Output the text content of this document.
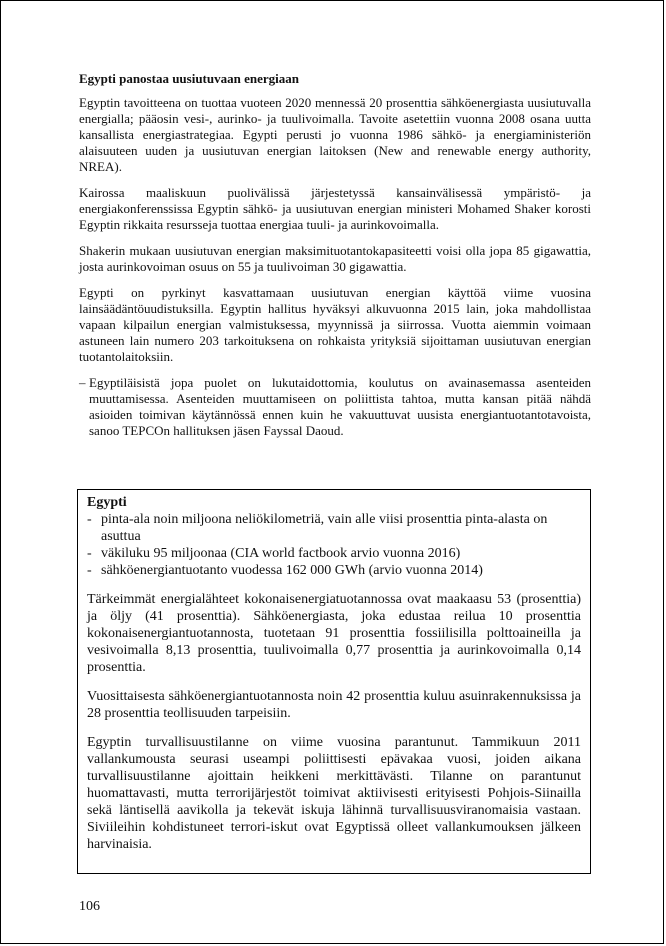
Egypti panostaa uusiutuvaan energiaan

Egyptin tavoitteena on tuottaa vuoteen 2020 mennessä 20 prosenttia sähköenergiasta uusiutuvalla energialla; pääosin vesi-, aurinko- ja tuulivoimalla. Tavoite asetettiin vuonna 2008 osana uutta kansallista energiastrategiaa. Egypti perusti jo vuonna 1986 sähkö- ja energiaministeriön alaisuuteen uuden ja uusiutuvan energian laitoksen (New and renewable energy authority, NREA).

Kairossa maaliskuun puolivälissä järjestetyssä kansainvälisessä ympäristö- ja energiakonferenssissa Egyptin sähkö- ja uusiutuvan energian ministeri Mohamed Shaker korosti Egyptin rikkaita resursseja tuottaa energiaa tuuli- ja aurinkovoimalla.

Shakerin mukaan uusiutuvan energian maksimituotantokapasiteetti voisi olla jopa 85 gigawattia, josta aurinkovoiman osuus on 55 ja tuulivoiman 30 gigawattia.

Egypti on pyrkinyt kasvattamaan uusiutuvan energian käyttöä viime vuosina lainsäädäntöuudistuksilla. Egyptin hallitus hyväksyi alkuvuonna 2015 lain, joka mahdollistaa vapaan kilpailun energian valmistuksessa, myynnissä ja siirrossa. Vuotta aiemmin voimaan astuneen lain numero 203 tarkoituksena on rohkaista yrityksiä sijoittaman uusiutuvan energian tuotantolaitoksiin.

– Egyptiläisistä jopa puolet on lukutaidottomia, koulutus on avainasemassa asenteiden muuttamisessa. Asenteiden muuttamiseen on poliittista tahtoa, mutta kansan pitää nähdä asioiden toimivan käytännössä ennen kuin he vakuuttuvat uusista energiantuotantotavoista, sanoo TEPCOn hallituksen jäsen Fayssal Daoud.
Egypti
- pinta-ala noin miljoona neliökilometriä, vain alle viisi prosenttia pinta-alasta on asuttua
- väkiluku 95 miljoonaa (CIA world factbook arvio vuonna 2016)
- sähköenergiantuotanto vuodessa 162 000 GWh (arvio vuonna 2014)

Tärkeimmät energialähteet kokonaisenergiatuotannossa ovat maakaasu 53 (prosenttia) ja öljy (41 prosenttia). Sähköenergiasta, joka edustaa reilua 10 prosenttia kokonaisenergiantuotannosta, tuotetaan 91 prosenttia fossiilisilla polttoaineilla ja vesivoimalla 8,13 prosenttia, tuulivoimalla 0,77 prosenttia ja aurinkovoimalla 0,14 prosenttia.

Vuosittaisesta sähköenergiantuotannosta noin 42 prosenttia kuluu asuinrakennuksissa ja 28 prosenttia teollisuuden tarpeisiin.

Egyptin turvallisuustilanne on viime vuosina parantunut. Tammikuun 2011 vallankumousta seurasi useampi poliittisesti epävakaa vuosi, joiden aikana turvallisuustilanne ajoittain heikkeni merkittävästi. Tilanne on parantunut huomattavasti, mutta terrorijärjestöt toimivat aktiivisesti erityisesti Pohjois-Siinailla sekä läntisellä aavikolla ja tekevät iskuja lähinnä turvallisuusviranomaisia vastaan. Siviileihin kohdistuneet terrori-iskut ovat Egyptissä olleet vallankumouksen jälkeen harvinaisia.

106
